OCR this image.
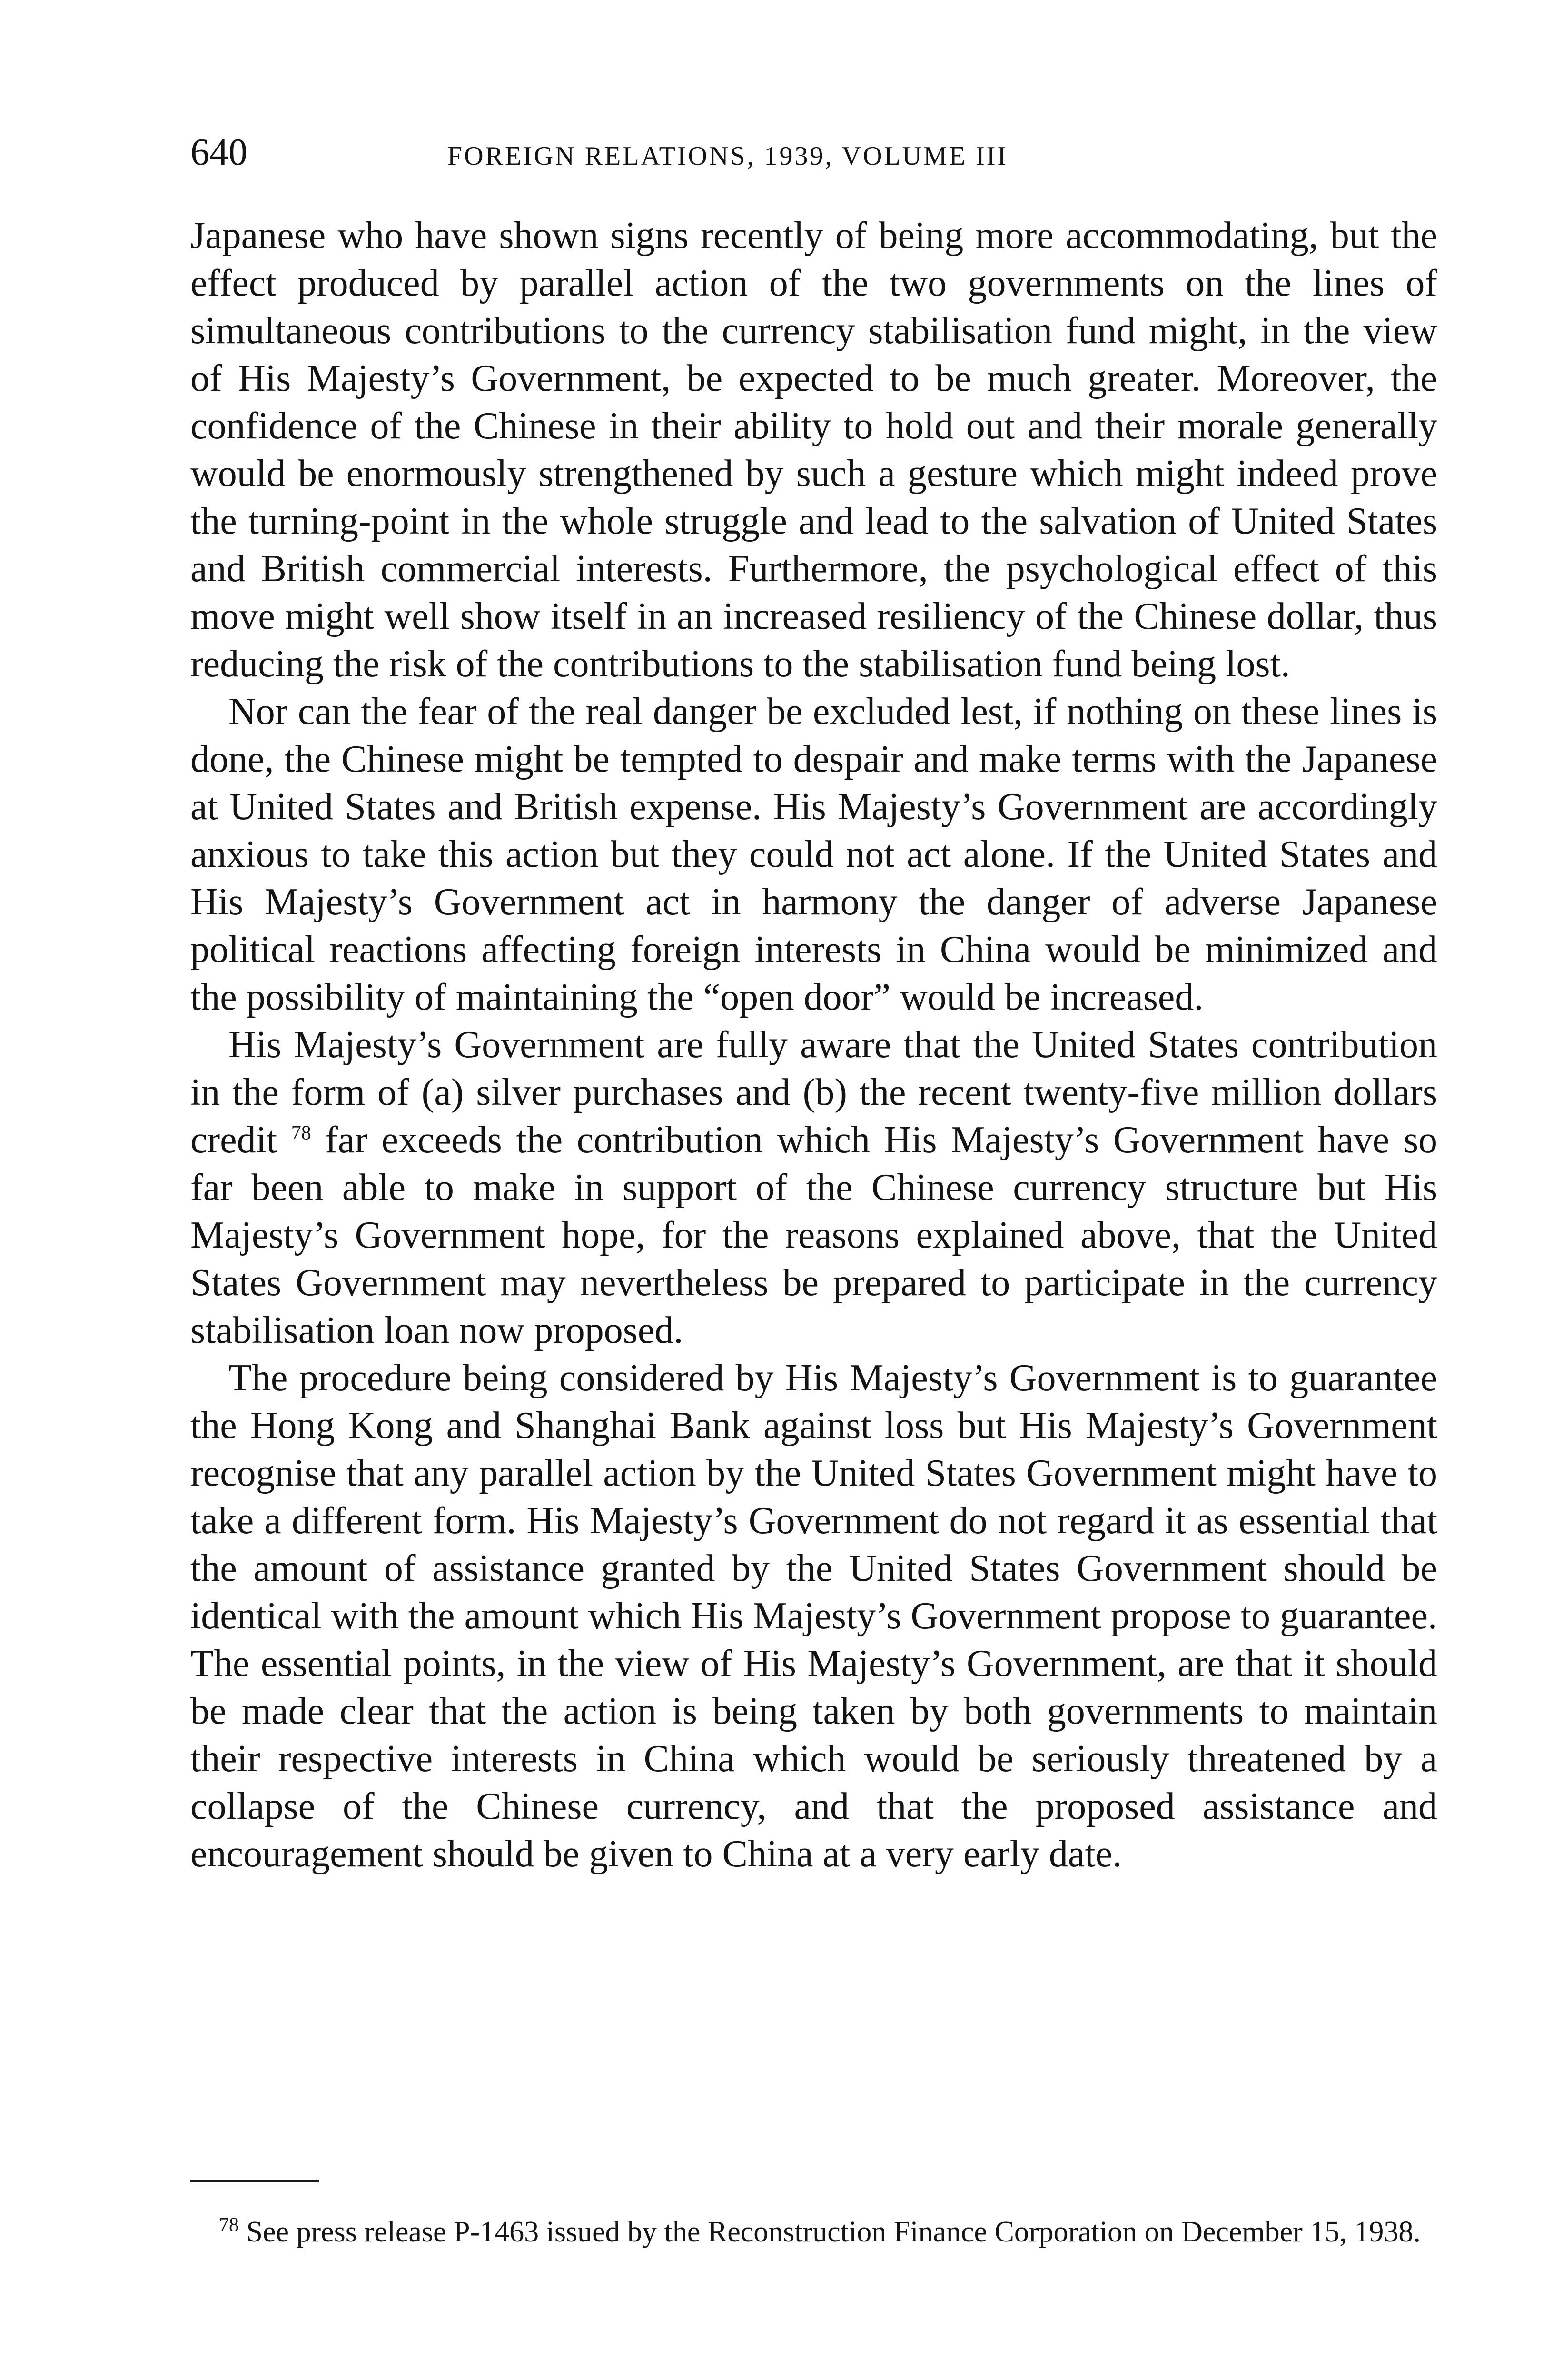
640	FOREIGN RELATIONS, 1939, VOLUME III

Japanese who have shown signs recently of being more accommodating, but the effect produced by parallel action of the two governments on the lines of simultaneous contributions to the currency stabilisation fund might, in the view of His Majesty’s Government, be expected to be much greater. Moreover, the confidence of the Chinese in their ability to hold out and their morale generally would be enormously strengthened by such a gesture which might indeed prove the turning-point in the whole struggle and lead to the salvation of United States and British commercial interests. Furthermore, the psychological effect of this move might well show itself in an increased resiliency of the Chinese dollar, thus reducing the risk of the contributions to the stabilisation fund being lost.

Nor can the fear of the real danger be excluded lest, if nothing on these lines is done, the Chinese might be tempted to despair and make terms with the Japanese at United States and British expense. His Majesty’s Government are accordingly anxious to take this action but they could not act alone. If the United States and His Majesty’s Government act in harmony the danger of adverse Japanese political reactions affecting foreign interests in China would be minimized and the possibility of maintaining the “open door” would be increased.

His Majesty’s Government are fully aware that the United States contribution in the form of (a) silver purchases and (b) the recent twenty-five million dollars credit $^{78}$ far exceeds the contribution which His Majesty’s Government have so far been able to make in support of the Chinese currency structure but His Majesty’s Government hope, for the reasons explained above, that the United States Government may nevertheless be prepared to participate in the currency stabilisation loan now proposed.

The procedure being considered by His Majesty’s Government is to guarantee the Hong Kong and Shanghai Bank against loss but His Majesty’s Government recognise that any parallel action by the United States Government might have to take a different form. His Majesty’s Government do not regard it as essential that the amount of assistance granted by the United States Government should be identical with the amount which His Majesty’s Government propose to guarantee. The essential points, in the view of His Majesty’s Government, are that it should be made clear that the action is being taken by both governments to maintain their respective interests in China which would be seriously threatened by a collapse of the Chinese currency, and that the proposed assistance and encouragement should be given to China at a very early date.

$^{78}$ See press release P-1463 issued by the Reconstruction Finance Corporation on December 15, 1938.
